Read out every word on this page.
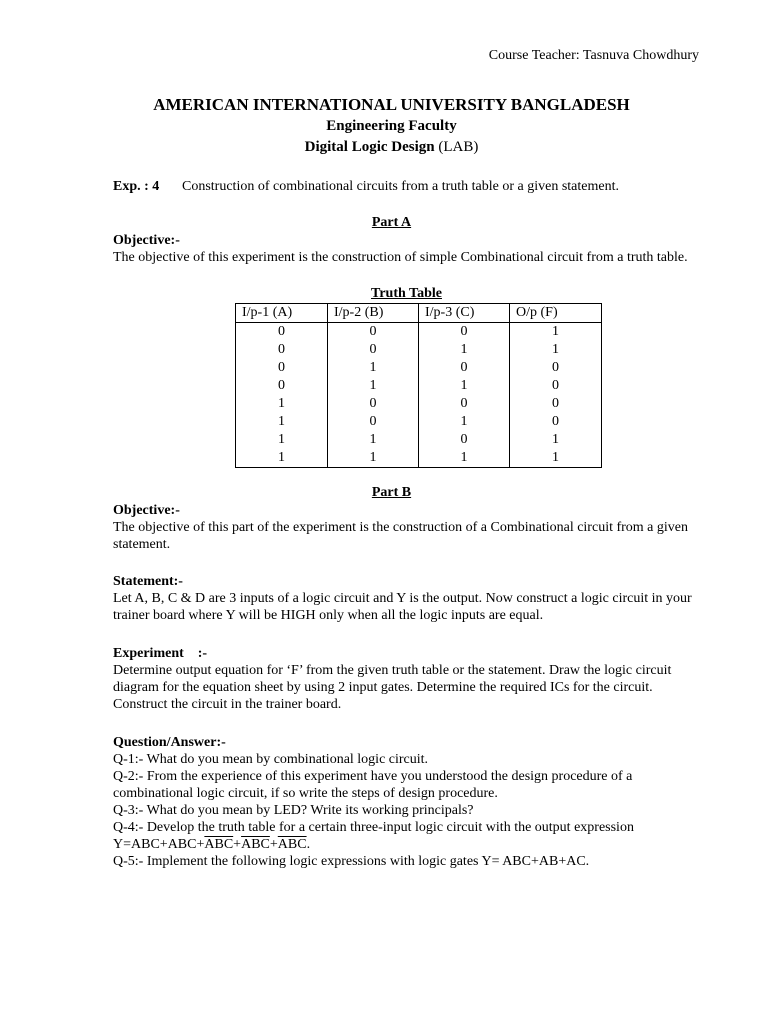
Course Teacher: Tasnuva Chowdhury
AMERICAN INTERNATIONAL UNIVERSITY BANGLADESH
Engineering Faculty
Digital Logic Design (LAB)
Exp. : 4 Construction of combinational circuits from a truth table or a given statement.
Part A
Objective:-
The objective of this experiment is the construction of simple Combinational circuit from a truth table.
Truth Table
I/p-1 (A)	I/p-2 (B)	I/p-3 (C)	O/p (F)
0	0	0	1
0	0	1	1
0	1	0	0
0	1	1	0
1	0	0	0
1	0	1	0
1	1	0	1
1	1	1	1
Part B
Objective:-
The objective of this part of the experiment is the construction of a Combinational circuit from a given statement.
Statement:-
Let A, B, C & D are 3 inputs of a logic circuit and Y is the output. Now construct a logic circuit in your trainer board where Y will be HIGH only when all the logic inputs are equal.
Experiment    :-
Determine output equation for ‘F’ from the given truth table or the statement. Draw the logic circuit diagram for the equation sheet by using 2 input gates. Determine the required ICs for the circuit. Construct the circuit in the trainer board.
Question/Answer:-

Q-1:- What do you mean by combinational logic circuit.

Q-2:- From the experience of this experiment have you understood the design procedure of a combinational logic circuit, if so write the steps of design procedure.

Q-3:- What do you mean by LED? Write its working principals?

Q-4:- Develop the truth table for a certain three-input logic circuit with the output expression

$Y=ABC+ABC+\overline{ABC}+\overline{ABC}+\overline{ABC}$.

Q-5:- Implement the following logic expressions with logic gates Y= ABC+AB+AC.
